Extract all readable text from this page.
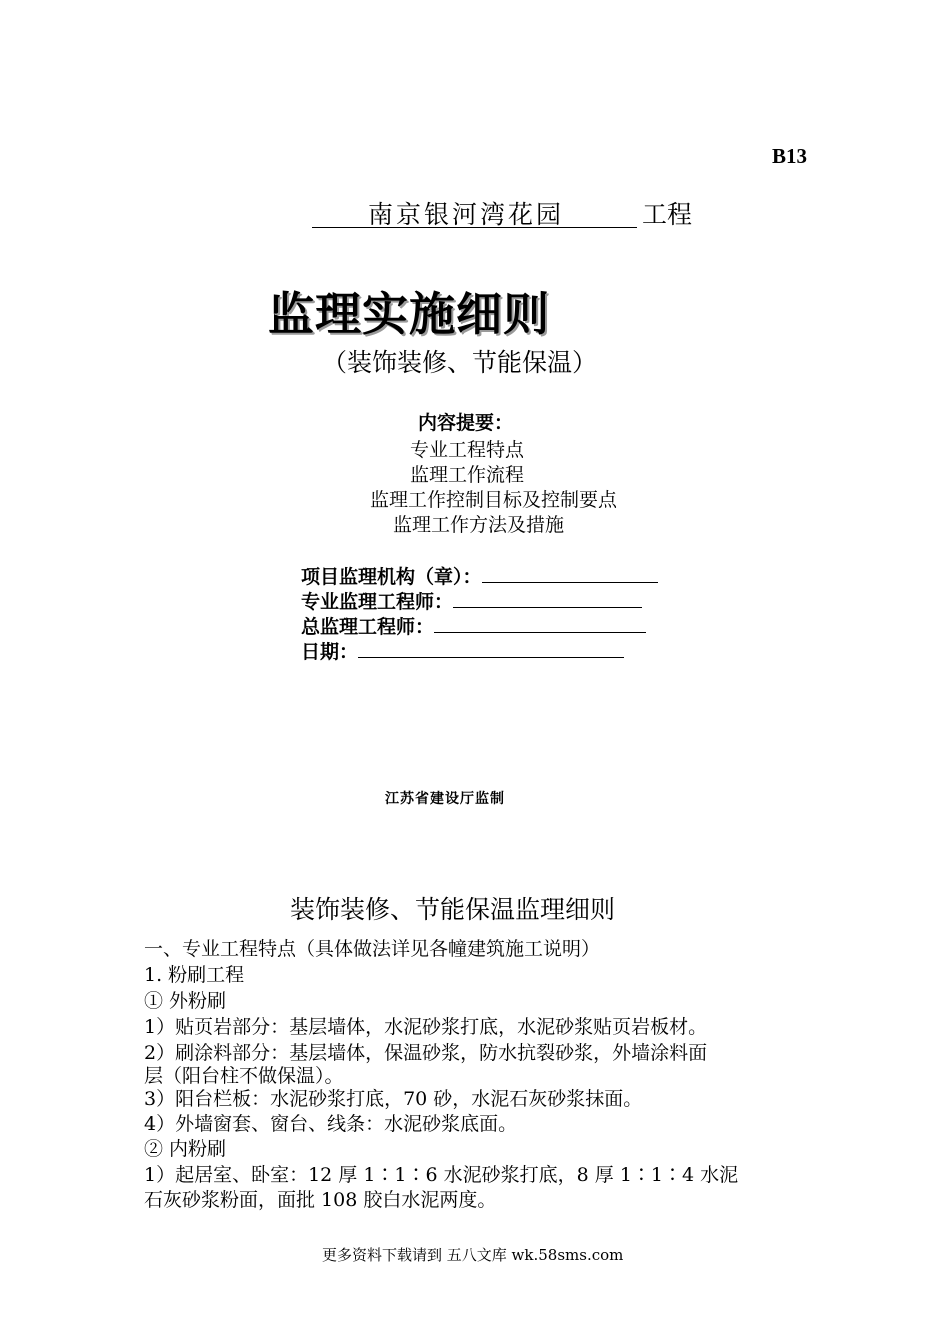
B13
南京银河湾花园	工程
监理实施细则
（装饰装修、节能保温）
内容提要：
专业工程特点
监理工作流程
监理工作控制目标及控制要点
监理工作方法及措施
项目监理机构（章）：
专业监理工程师：
总监理工程师：
日期：
江苏省建设厅监制
装饰装修、节能保温监理细则
一、专业工程特点（具体做法详见各幢建筑施工说明）
1. 粉刷工程
① 外粉刷
1）贴页岩部分：基层墙体，水泥砂浆打底，水泥砂浆贴页岩板材。
2）刷涂料部分：基层墙体，保温砂浆，防水抗裂砂浆，外墙涂料面
层（阳台柱不做保温）。
3）阳台栏板：水泥砂浆打底，70 砂，水泥石灰砂浆抹面。
4）外墙窗套、窗台、线条：水泥砂浆底面。
② 内粉刷
1）起居室、卧室：12 厚 1∶1∶6 水泥砂浆打底，8 厚 1∶1∶4 水泥
石灰砂浆粉面，面批 108 胶白水泥两度。
更多资料下载请到 五八文库 wk.58sms.com
